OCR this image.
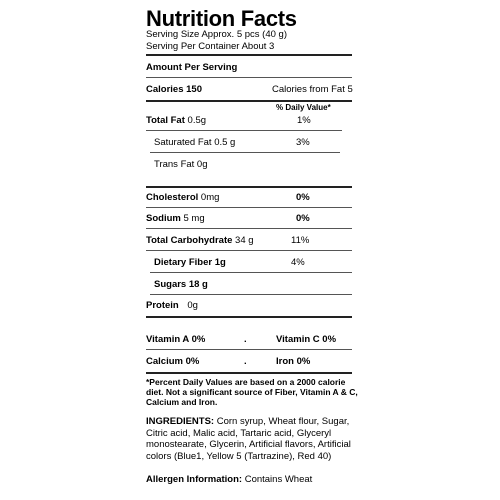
Nutrition Facts
Serving Size Approx. 5 pcs (40 g)
Serving Per Container About 3
Amount Per Serving
Calories 150	Calories from Fat 5
% Daily Value*
Total Fat 0.5g	1%
Saturated Fat 0.5 g	3%
Trans Fat 0g
Cholesterol 0mg	0%
Sodium 5 mg	0%
Total Carbohydrate 34 g	11%
Dietary Fiber 1g	4%
Sugars 18 g
Protein 0g
Vitamin A 0%	.	Vitamin C 0%
Calcium 0%	.	Iron 0%
*Percent Daily Values are based on a 2000 calorie
diet. Not a significant source of Fiber, Vitamin A & C,
Calcium and Iron.
INGREDIENTS: Corn syrup, Wheat flour, Sugar, Citric acid, Malic acid, Tartaric acid, Glyceryl monostearate, Glycerin, Artificial flavors, Artificial colors (Blue1, Yellow 5 (Tartrazine), Red 40)
Allergen Information: Contains Wheat
